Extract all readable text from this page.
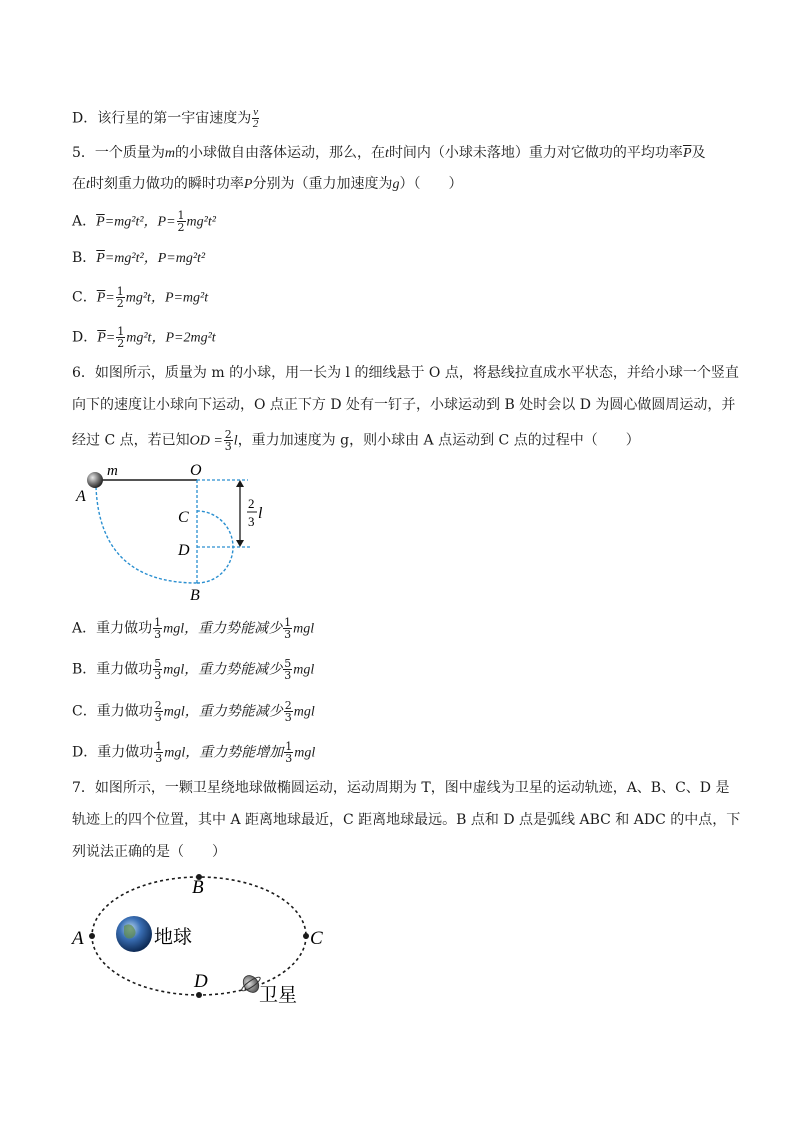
D．该行星的第一宇宙速度为 $\frac{v}{2}$
5．一个质量为m的小球做自由落体运动，那么，在t时间内（小球未落地）重力对它做功的平均功率$\overline{P}$及
在t时刻重力做功的瞬时功率P分别为（重力加速度为g）（　　）
A．$\overline{P}=mg^2t^2$，$P= \frac{1}{2} mg^2t^2$
B．$\overline{P}=mg^2t^2$，P=mg²t²
C．$\overline{P}= \frac{1}{2} mg^2t$，P=mg²t
D．$\overline{P}= \frac{1}{2} mg^2t$，P=2mg²t
6．如图所示，质量为 m 的小球，用一长为 l 的细线悬于 O 点，将悬线拉直成水平状态，并给小球一个竖直
向下的速度让小球向下运动，O 点正下方 D 处有一钉子，小球运动到 B 处时会以 D 为圆心做圆周运动，并
经过 C 点，若已知OD = $\frac{2}{3}$ l，重力加速度为 g，则小球由 A 点运动到 C 点的过程中（　　）
m	O
A
C
D
B
2
3 l
A．重力做功 $\frac{1}{3}$ mgl，重力势能减少 $\frac{1}{3}$ mgl
B．重力做功 $\frac{5}{3}$ mgl，重力势能减少 $\frac{5}{3}$ mgl
C．重力做功 $\frac{2}{3}$ mgl，重力势能减少 $\frac{2}{3}$ mgl
D．重力做功 $\frac{1}{3}$ mgl，重力势能增加 $\frac{1}{3}$ mgl
7．如图所示，一颗卫星绕地球做椭圆运动，运动周期为 T，图中虚线为卫星的运动轨迹，A、B、C、D 是
轨迹上的四个位置，其中 A 距离地球最近，C 距离地球最远。B 点和 D 点是弧线 ABC 和 ADC 的中点，下
列说法正确的是（　　）
A
B
C
D
地球
卫星
